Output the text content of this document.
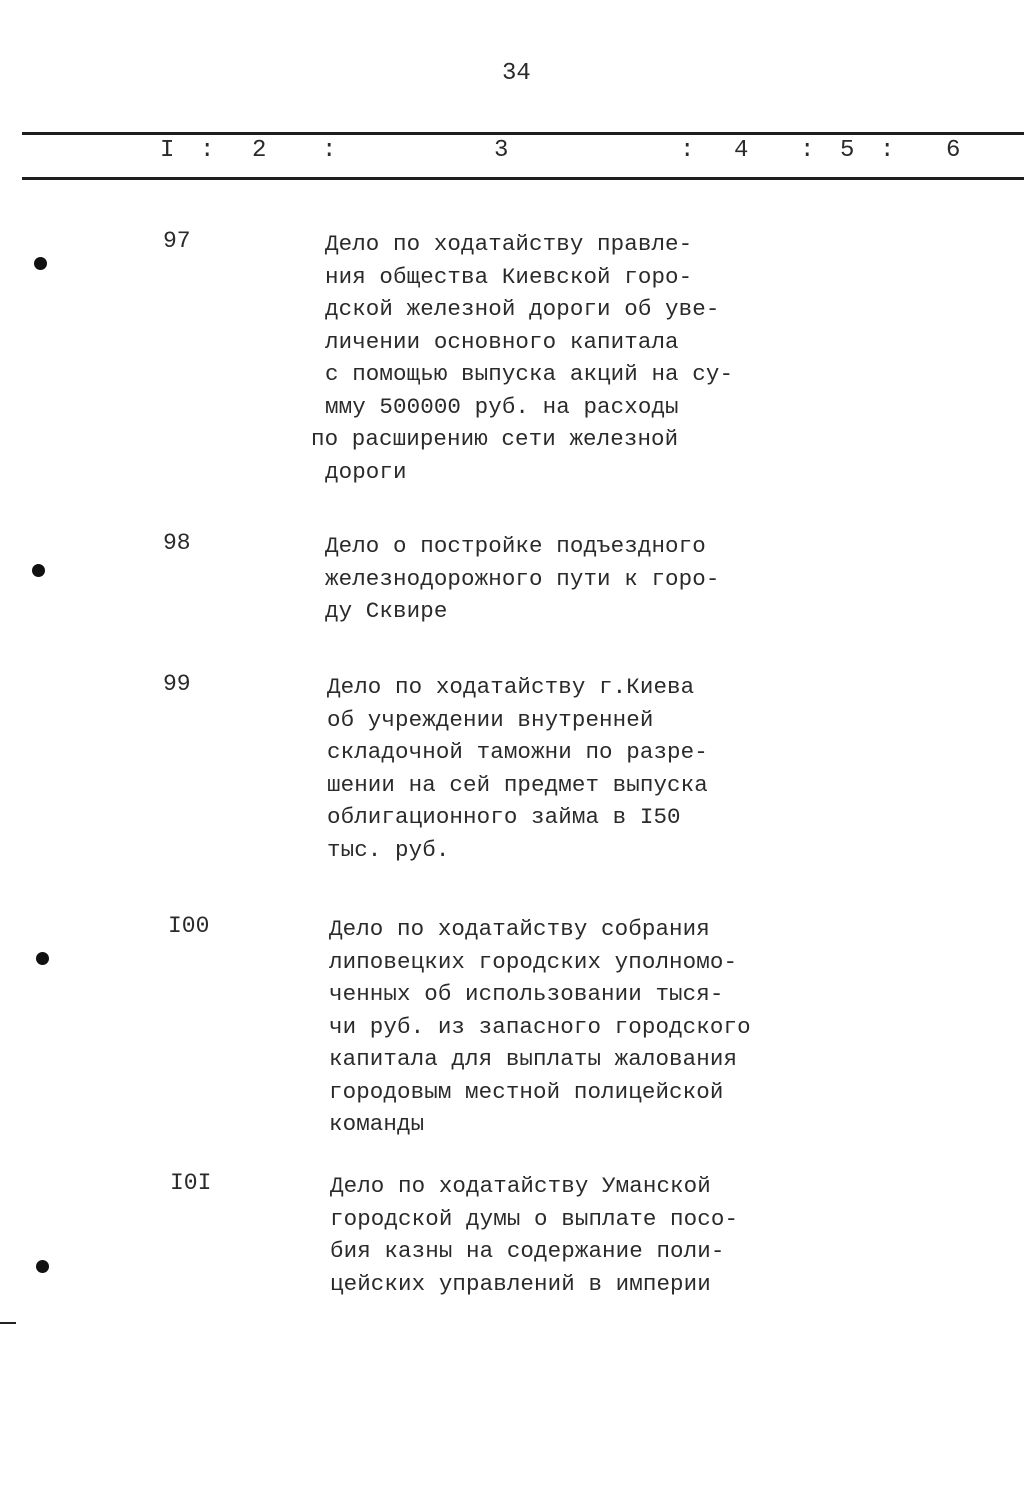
34
I : 2 :	3	: 4 : 5 : 6
97	Дело по ходатайству правле-
ния общества Киевской горо-
дской железной дороги об уве-
личении основного капитала
с помощью выпуска акций на су-
мму 500000 руб. на расходы
по расширению сети железной
дороги
98	Дело о постройке подъездного
железнодорожного пути к горо-
ду Сквире
99	Дело по ходатайству г.Киева
об учреждении внутренней
складочной таможни по разре-
шении на сей предмет выпуска
облигационного займа в I50
тыс. руб.
I00	Дело по ходатайству собрания
липовецких городских уполномо-
ченных об использовании тыся-
чи руб. из запасного городского
капитала для выплаты жалования
городовым местной полицейской
команды
I0I	Дело по ходатайству Уманской
городской думы о выплате посо-
бия казны на содержание поли-
цейских управлений в империи
